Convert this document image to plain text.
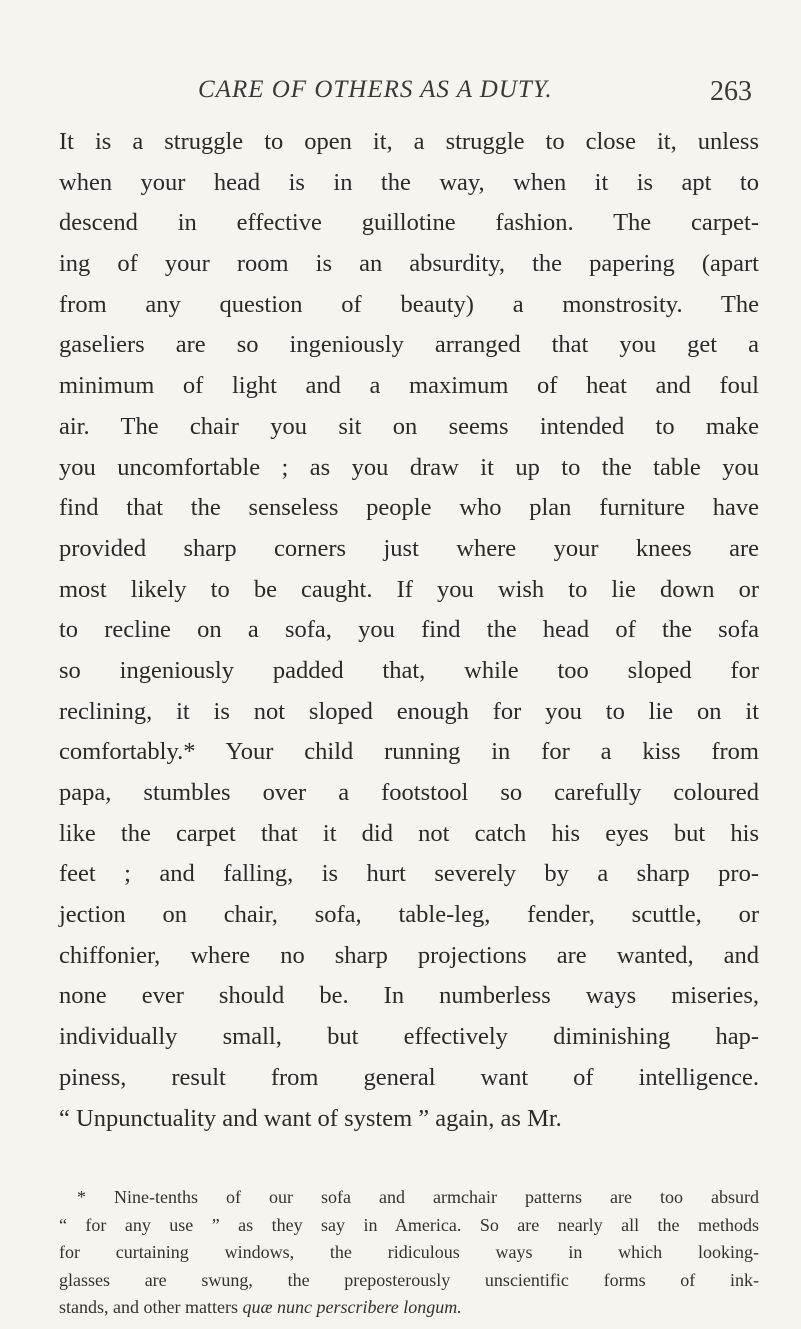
CARE OF OTHERS AS A DUTY.	263
It is a struggle to open it, a struggle to close it, unless
when your head is in the way, when it is apt to
descend in effective guillotine fashion. The carpet-
ing of your room is an absurdity, the papering (apart
from any question of beauty) a monstrosity. The
gaseliers are so ingeniously arranged that you get a
minimum of light and a maximum of heat and foul
air. The chair you sit on seems intended to make
you uncomfortable ; as you draw it up to the table you
find that the senseless people who plan furniture have
provided sharp corners just where your knees are
most likely to be caught. If you wish to lie down or
to recline on a sofa, you find the head of the sofa
so ingeniously padded that, while too sloped for
reclining, it is not sloped enough for you to lie on it
comfortably.* Your child running in for a kiss from
papa, stumbles over a footstool so carefully coloured
like the carpet that it did not catch his eyes but his
feet ; and falling, is hurt severely by a sharp pro-
jection on chair, sofa, table-leg, fender, scuttle, or
chiffonier, where no sharp projections are wanted, and
none ever should be. In numberless ways miseries,
individually small, but effectively diminishing hap-
piness, result from general want of intelligence.
“ Unpunctuality and want of system ” again, as Mr.
* Nine-tenths of our sofa and armchair patterns are too absurd
“ for any use ” as they say in America. So are nearly all the methods
for curtaining windows, the ridiculous ways in which looking-
glasses are swung, the preposterously unscientific forms of ink-
stands, and other matters quæ nunc perscribere longum.
